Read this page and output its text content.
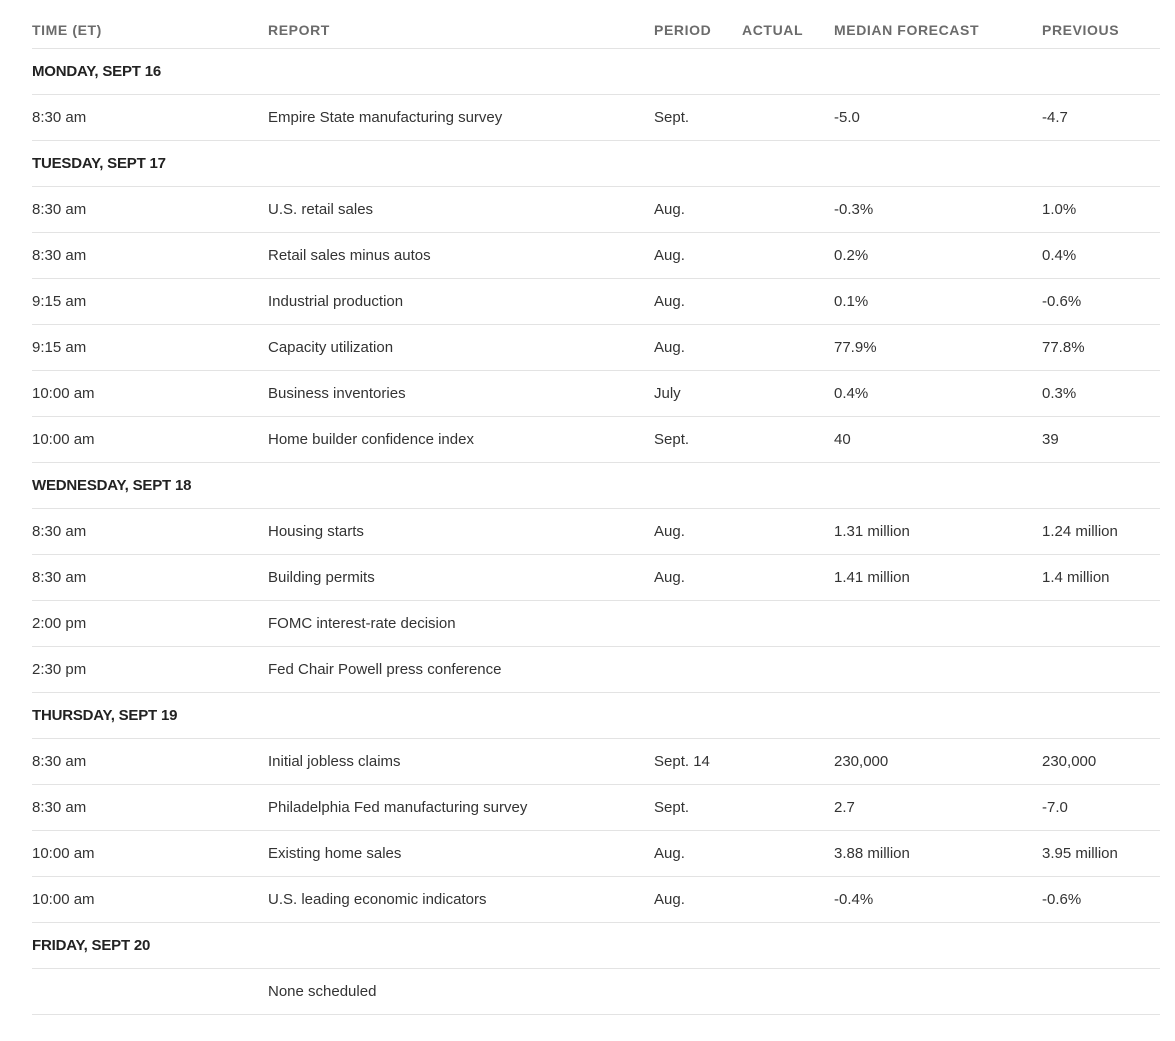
TIME (ET)	REPORT	PERIOD	ACTUAL	MEDIAN FORECAST	PREVIOUS
MONDAY, SEPT 16					
8:30 am	Empire State manufacturing survey	Sept.		-5.0	-4.7
TUESDAY, SEPT 17					
8:30 am	U.S. retail sales	Aug.		-0.3%	1.0%
8:30 am	Retail sales minus autos	Aug.		0.2%	0.4%
9:15 am	Industrial production	Aug.		0.1%	-0.6%
9:15 am	Capacity utilization	Aug.		77.9%	77.8%
10:00 am	Business inventories	July		0.4%	0.3%
10:00 am	Home builder confidence index	Sept.		40	39
WEDNESDAY, SEPT 18					
8:30 am	Housing starts	Aug.		1.31 million	1.24 million
8:30 am	Building permits	Aug.		1.41 million	1.4 million
2:00 pm	FOMC interest-rate decision				
2:30 pm	Fed Chair Powell press conference				
THURSDAY, SEPT 19					
8:30 am	Initial jobless claims	Sept. 14		230,000	230,000
8:30 am	Philadelphia Fed manufacturing survey	Sept.		2.7	-7.0
10:00 am	Existing home sales	Aug.		3.88 million	3.95 million
10:00 am	U.S. leading economic indicators	Aug.		-0.4%	-0.6%
FRIDAY, SEPT 20					
	None scheduled				
